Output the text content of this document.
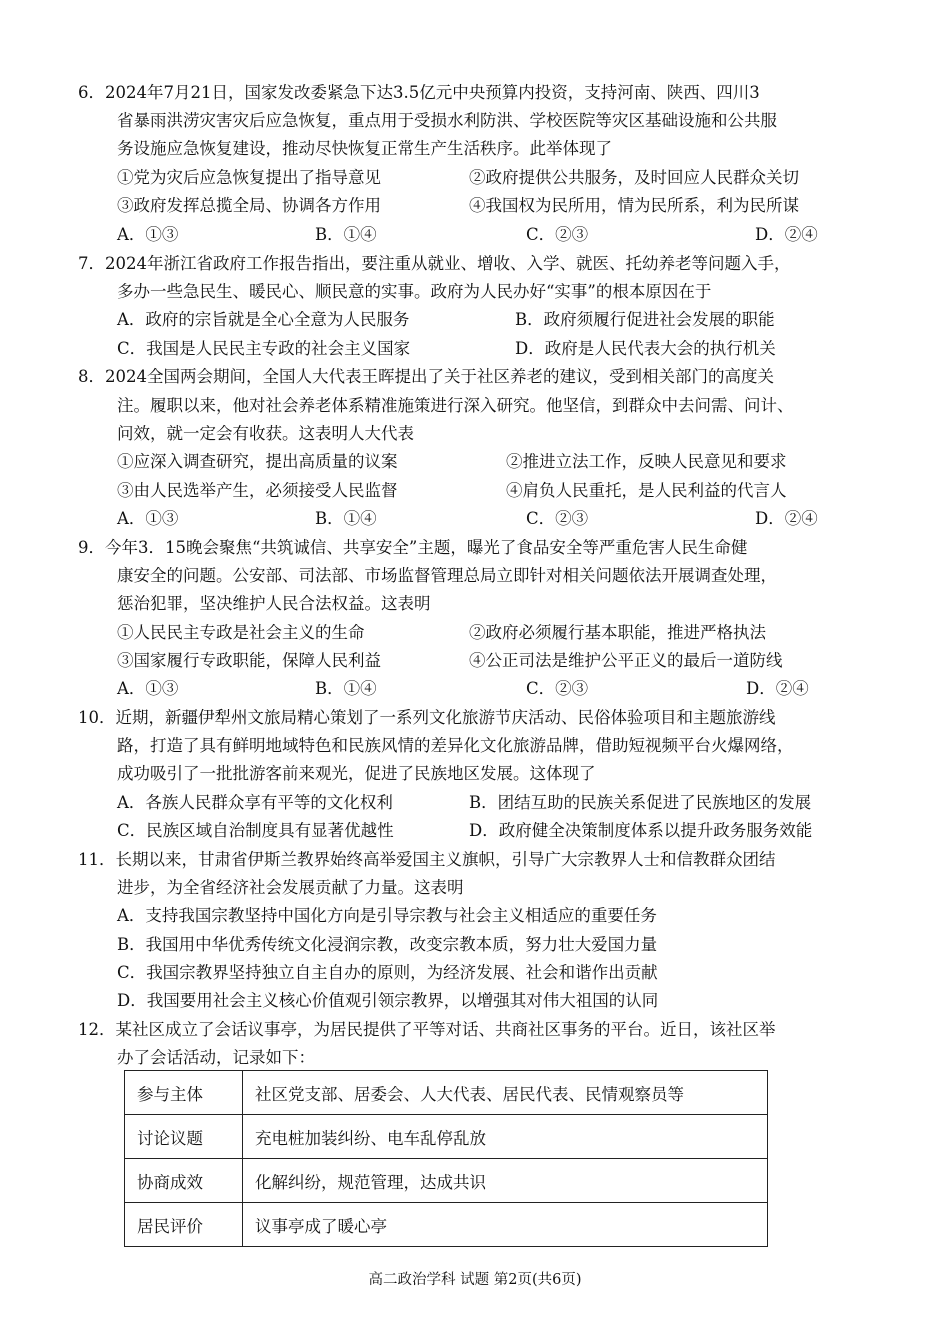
6．2024年7月21日，国家发改委紧急下达3.5亿元中央预算内投资，支持河南、陕西、四川3
省暴雨洪涝灾害灾后应急恢复，重点用于受损水利防洪、学校医院等灾区基础设施和公共服
务设施应急恢复建设，推动尽快恢复正常生产生活秩序。此举体现了
①党为灾后应急恢复提出了指导意见	②政府提供公共服务，及时回应人民群众关切
③政府发挥总揽全局、协调各方作用	④我国权为民所用，情为民所系，利为民所谋
A．①③	B．①④	C．②③	D．②④
7．2024年浙江省政府工作报告指出，要注重从就业、增收、入学、就医、托幼养老等问题入手，
多办一些急民生、暖民心、顺民意的实事。政府为人民办好“实事”的根本原因在于
A．政府的宗旨就是全心全意为人民服务	B．政府须履行促进社会发展的职能
C．我国是人民民主专政的社会主义国家	D．政府是人民代表大会的执行机关
8．2024全国两会期间，全国人大代表王晖提出了关于社区养老的建议，受到相关部门的高度关
注。履职以来，他对社会养老体系精准施策进行深入研究。他坚信，到群众中去问需、问计、
问效，就一定会有收获。这表明人大代表
①应深入调查研究，提出高质量的议案	②推进立法工作，反映人民意见和要求
③由人民选举产生，必须接受人民监督	④肩负人民重托，是人民利益的代言人
A．①③	B．①④	C．②③	D．②④
9．今年3．15晚会聚焦“共筑诚信、共享安全”主题，曝光了食品安全等严重危害人民生命健
康安全的问题。公安部、司法部、市场监督管理总局立即针对相关问题依法开展调查处理，
惩治犯罪，坚决维护人民合法权益。这表明
①人民民主专政是社会主义的生命	②政府必须履行基本职能，推进严格执法
③国家履行专政职能，保障人民利益	④公正司法是维护公平正义的最后一道防线
A．①③	B．①④	C．②③	D．②④
10．近期，新疆伊犁州文旅局精心策划了一系列文化旅游节庆活动、民俗体验项目和主题旅游线
路，打造了具有鲜明地域特色和民族风情的差异化文化旅游品牌，借助短视频平台火爆网络，
成功吸引了一批批游客前来观光，促进了民族地区发展。这体现了
A．各族人民群众享有平等的文化权利	B．团结互助的民族关系促进了民族地区的发展
C．民族区域自治制度具有显著优越性	D．政府健全决策制度体系以提升政务服务效能
11．长期以来，甘肃省伊斯兰教界始终高举爱国主义旗帜，引导广大宗教界人士和信教群众团结
进步，为全省经济社会发展贡献了力量。这表明
A．支持我国宗教坚持中国化方向是引导宗教与社会主义相适应的重要任务
B．我国用中华优秀传统文化浸润宗教，改变宗教本质，努力壮大爱国力量
C．我国宗教界坚持独立自主自办的原则，为经济发展、社会和谐作出贡献
D．我国要用社会主义核心价值观引领宗教界，以增强其对伟大祖国的认同
12．某社区成立了会话议事亭，为居民提供了平等对话、共商社区事务的平台。近日，该社区举
办了会话活动，记录如下：
参与主体	社区党支部、居委会、人大代表、居民代表、民情观察员等
讨论议题	充电桩加装纠纷、电车乱停乱放
协商成效	化解纠纷，规范管理，达成共识
居民评价	议事亭成了暖心亭
高二政治学科 试题 第2页(共6页)
